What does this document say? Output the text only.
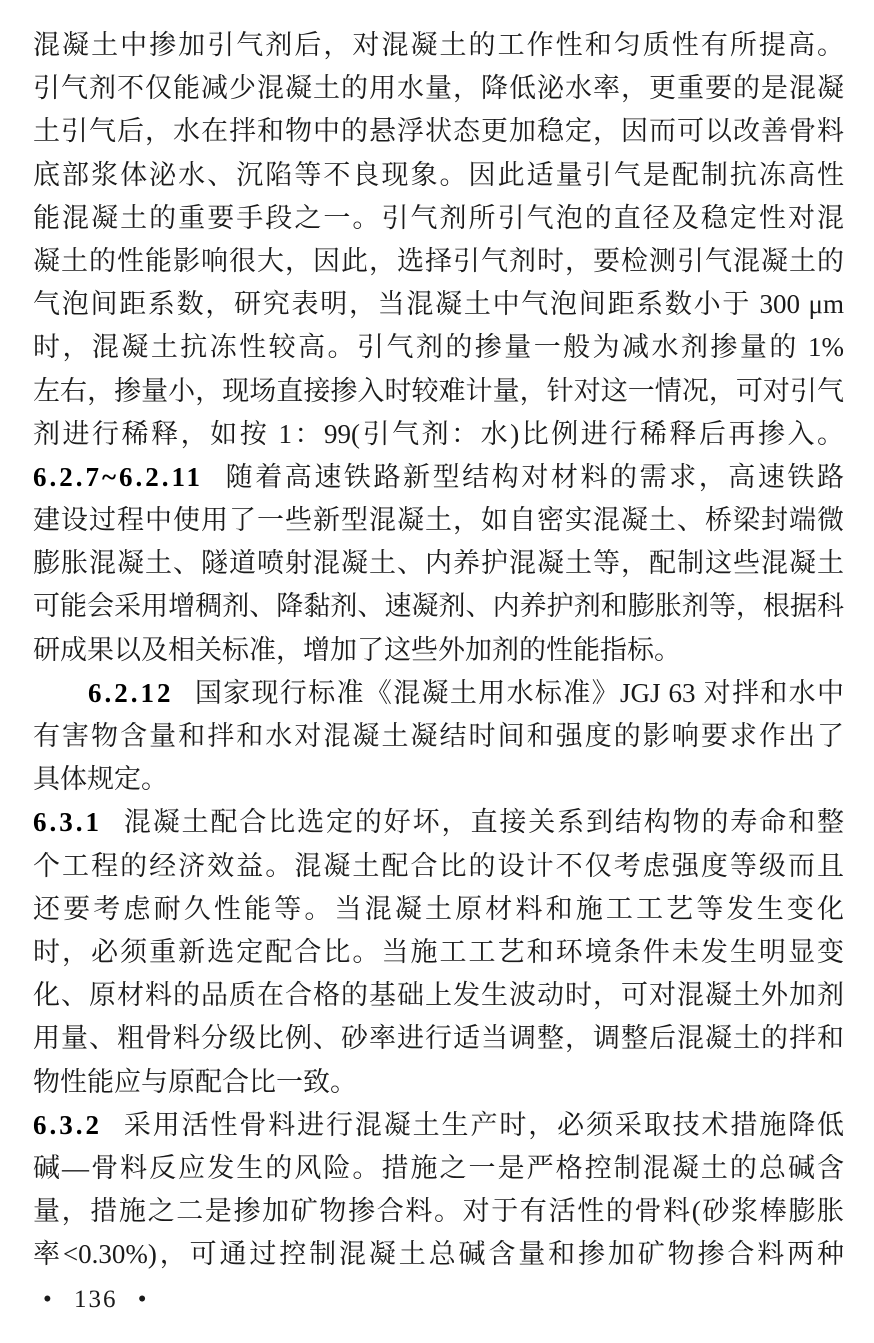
混凝土中掺加引气剂后，对混凝土的工作性和匀质性有所提高。
引气剂不仅能减少混凝土的用水量，降低泌水率，更重要的是混凝
土引气后，水在拌和物中的悬浮状态更加稳定，因而可以改善骨料
底部浆体泌水、沉陷等不良现象。因此适量引气是配制抗冻高性
能混凝土的重要手段之一。引气剂所引气泡的直径及稳定性对混
凝土的性能影响很大，因此，选择引气剂时，要检测引气混凝土的
气泡间距系数，研究表明，当混凝土中气泡间距系数小于 300 μm
时，混凝土抗冻性较高。引气剂的掺量一般为减水剂掺量的 1%
左右，掺量小，现场直接掺入时较难计量，针对这一情况，可对引气
剂进行稀释，如按 1：99(引气剂：水)比例进行稀释后再掺入。
6.2.7~6.2.11 随着高速铁路新型结构对材料的需求，高速铁路
建设过程中使用了一些新型混凝土，如自密实混凝土、桥梁封端微
膨胀混凝土、隧道喷射混凝土、内养护混凝土等，配制这些混凝土
可能会采用增稠剂、降黏剂、速凝剂、内养护剂和膨胀剂等，根据科
研成果以及相关标准，增加了这些外加剂的性能指标。
6.2.12 国家现行标准《混凝土用水标准》JGJ 63 对拌和水中
有害物含量和拌和水对混凝土凝结时间和强度的影响要求作出了
具体规定。
6.3.1 混凝土配合比选定的好坏，直接关系到结构物的寿命和整
个工程的经济效益。混凝土配合比的设计不仅考虑强度等级而且
还要考虑耐久性能等。当混凝土原材料和施工工艺等发生变化
时，必须重新选定配合比。当施工工艺和环境条件未发生明显变
化、原材料的品质在合格的基础上发生波动时，可对混凝土外加剂
用量、粗骨料分级比例、砂率进行适当调整，调整后混凝土的拌和
物性能应与原配合比一致。
6.3.2 采用活性骨料进行混凝土生产时，必须采取技术措施降低
碱—骨料反应发生的风险。措施之一是严格控制混凝土的总碱含
量，措施之二是掺加矿物掺合料。对于有活性的骨料(砂浆棒膨胀
率<0.30%)，可通过控制混凝土总碱含量和掺加矿物掺合料两种
• 136 •
